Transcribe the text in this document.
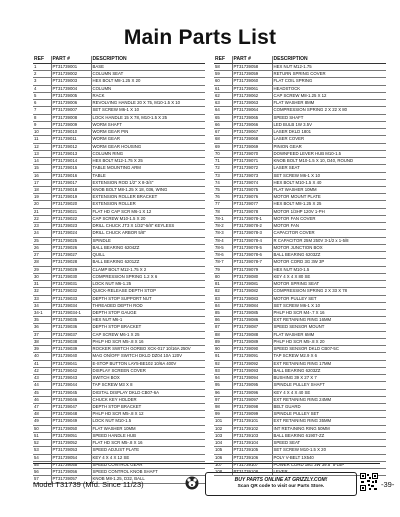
Main Parts List
REF	PART #	DESCRIPTION
1	PT31739001	BASE
2	PT31739002	COLUMN SEAT
3	PT31739003	HEX BOLT M8-1.25 X 20
4	PT31739004	COLUMN
5	PT31739005	RACK
6	PT31739006	REVOLVING HANDLE 20 X 75, M10-1.5 X 10
7	PT31739007	SET SCREW M6-1 X 10
8	PT31739008	LOCK HANDLE 15 X 78, M10-1.5 X 25
9	PT31739009	WORM SHAFT
10	PT31739010	WORM GEAR PIN
11	PT31739011	WORM GEAR
12	PT31739012	WORM GEAR HOUSING
13	PT31739013	COLUMN RING
14	PT31739014	HEX BOLT M12-1.75 X 25
15	PT31739015	TABLE MOUNTING ARM
16	PT31739016	TABLE
17	PT31739017	EXTENSION ROD 1/2" X 8-3/4"
18	PT31739018	KNOB BOLT M8-1.25 X 18, 036, WING
19	PT31739019	EXTENSION ROLLER BRACKET
20	PT31739020	EXTENSION ROLLER
21	PT31739021	FLAT HD CAP SCR M6-1 X 12
22	PT31739022	CAP SCREW M10-1.5 X 20
23	PT31739023	DRILL CHUCK JT3 X 1/32"-5/8" KEYLESS
24	PT31739024	DRILL CHUCK ARBOR 5/8"
25	PT31739025	SPINDLE
26	PT31739026	BALL BEARING 6204ZZ
27	PT31739027	QUILL
28	PT31739028	BALL BEARING 6201ZZ
29	PT31739029	CLAMP BOLT M12-1.75 X 2
30	PT31739030	COMPRESSION SPRING 1.2 X 6
31	PT31739031	LOCK NUT M6-1.25
32	PT31739032	QUICK-RELEASE DEPTH STOP
33	PT31739033	DEPTH STOP SUPPORT NUT
34	PT31739034	THREADED DEPTH ROD
34-1	PT31739034-1	DEPTH STOP GAUGE
35	PT31739035	HEX NUT M6-1
36	PT31739036	DEPTH STOP BRACKET
37	PT31739037	CAP SCREW M6-1 X 25
38	PT31739038	PHLP HD SCR M5-.8 X 16
39	PT31739039	ROCKER SWITCH GORBO XCK-017 10/16A 250V
40	PT31739040	MAG ON/OFF SWITCH DKLD DZ04 10A 120V
41	PT31739041	E-STOP BUTTON LAY5-BE102 10/6A 400V
42	PT31739042	DISPLAY SCREEN COVER
43	PT31739043	SWITCH BOX
44	PT31739044	TAP SCREW M3 X 8
45	PT31739045	DIGITAL DISPLAY DKLD CB07-6A
46	PT31739046	CHUCK KEY HOLDER
47	PT31739047	DEPTH STOP BRACKET
48	PT31739048	PHLP HD SCR M5-.8 X 12
49	PT31739049	LOCK NUT M10-1.5
50	PT31739050	FLAT WASHER 10MM
51	PT31739051	SPEED HANDLE HUB
52	PT31739052	FLAT HD SCR M5-.8 X 16
53	PT31739053	SPEED ADJUST PLATE
54	PT31739054	KEY 4 X 4 X 12 SE
55	PT31739055	SPEED CONTROL GEAR
56	PT31739056	SPEED CONTROL KNOB SHAFT
57	PT31739057	KNOB M8-1.25, D32, BALL
REF	PART #	DESCRIPTION
58	PT31739058	HEX NUT M12-1.75
59	PT31739059	RETURN SPRING COVER
60	PT31739060	FLAT COIL SPRING
61	PT31739061	HEADSTOCK
62	PT31739062	CAP SCREW M8-1.25 X 12
63	PT31739063	FLAT WASHER 8MM
64	PT31739064	COMPRESSION SPRING 2 X 22 X 80
65	PT31739065	SPEED SHAFT
66	PT31739066	LED BULB 1W 3.5V
67	PT31739067	LASER DKLD 1801
68	PT31739068	LASER COVER
69	PT31739069	PINION GEAR
70	PT31739070	DOWNFEED LEVER HUB M10-1.5
71	PT31739071	KNOB BOLT M10-1.5 X 10, D40, ROUND
72	PT31739072	LASER SEAT
73	PT31739073	SET SCREW M6-1 X 10
74	PT31739074	HEX BOLT M10-1.5 X 40
75	PT31739075	FLAT WASHER 10MM
76	PT31739076	MOTOR MOUNT PLATE
77	PT31739077	HEX BOLT M8-1.25 X 25
78	PT31739078	MOTOR 1/3HP 120V 1-PH
78-1	PT31739078-1	MOTOR FAN COVER
78-2	PT31739078-2	MOTOR FAN
78-3	PT31739078-3	CAPACITOR COVER
78-4	PT31739078-4	R CAPACITOR 25M 250V 3-1/2 x 1-5/8
78-5	PT31739078-5	MOTOR JUNCTION BOX
78-6	PT31739078-6	BALL BEARING 6203ZZ
78-7	PT31739078-7	MOTOR CORD 3G 3W 3P
79	PT31739079	HEX NUT M10-1.5
80	PT31739080	KEY 4 X 4 X 80 SE
81	PT31739081	MOTOR SPRING SEAT
82	PT31739082	COMPRESSION SPRING 2 X 33 X 78
83	PT31739083	MOTOR PULLEY SET
84	PT31739084	SET SCREW M6-1 X 10
85	PT31739085	PHLP HD SCR M4-.7 X 16
86	PT31739086	EXT RETAINING RING 16MM
87	PT31739087	SPEED SENSOR MOUNT
88	PT31739088	FLAT WASHER 6MM
89	PT31739089	PHLP HD SCR M5-.8 X 20
90	PT31739090	SPEED SENSOR DKLD CB07-5C
91	PT31739091	TAP SCREW M2.9 X 6
92	PT31739092	EXT RETAINING RING 17MM
93	PT31739093	BALL BEARING 6203ZZ
94	PT31739094	BUSHING 39 X 27 X 7
95	PT31739095	SPINDLE PULLEY SHAFT
96	PT31739096	KEY 4 X 4 X 40 SE
97	PT31739097	EXT RETAINING RING 24MM
98	PT31739098	BELT GUARD
99	PT31739099	SPINDLE PULLEY SET
101	PT31739101	EXT RETAINING RING 35MM
102	PT31739102	INT RETAINING RING 50MM
103	PT31739103	BALL BEARING 61907-ZZ
104	PT31739104	SPEED SEAT
105	PT31739105	SET SCREW M10-1.5 X 20
106	PT31739106	POLY V-BELT 1X540
107	PT31739107	POWER CORD 18G 3W 39.5" 5-15P
108	PT31739108	LEVER
Model T31739 (Mfd. Since 11/23)	BUY PARTS ONLINE AT GRIZZLY.COM!
Scan QR code to visit our Parts Store.	-39-
